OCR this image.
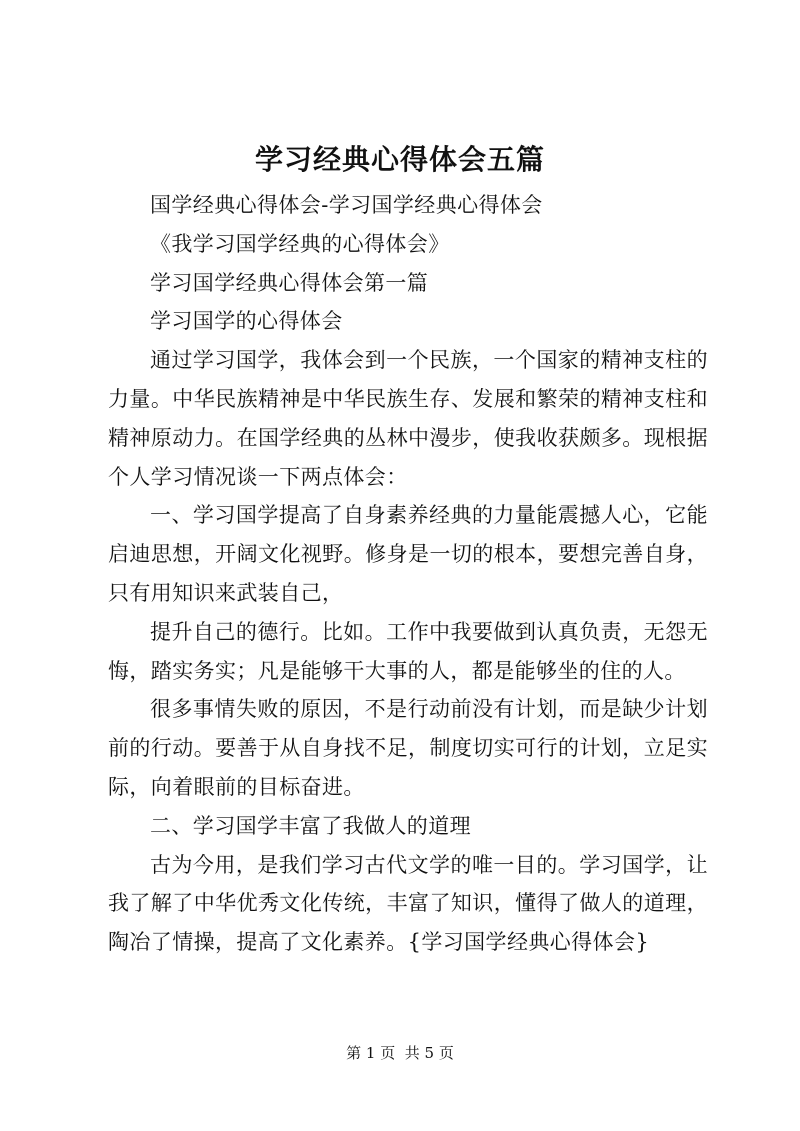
学习经典心得体会五篇

国学经典心得体会-学习国学经典心得体会

《我学习国学经典的心得体会》

学习国学经典心得体会第一篇

学习国学的心得体会

通过学习国学，我体会到一个民族，一个国家的精神支柱的力量。中华民族精神是中华民族生存、发展和繁荣的精神支柱和精神原动力。在国学经典的丛林中漫步，使我收获颇多。现根据个人学习情况谈一下两点体会：

一、学习国学提高了自身素养经典的力量能震撼人心，它能启迪思想，开阔文化视野。修身是一切的根本，要想完善自身，只有用知识来武装自己，

提升自己的德行。比如。工作中我要做到认真负责，无怨无悔，踏实务实；凡是能够干大事的人，都是能够坐的住的人。

很多事情失败的原因，不是行动前没有计划，而是缺少计划前的行动。要善于从自身找不足，制度切实可行的计划，立足实际，向着眼前的目标奋进。

二、学习国学丰富了我做人的道理

古为今用，是我们学习古代文学的唯一目的。学习国学，让我了解了中华优秀文化传统，丰富了知识，懂得了做人的道理，陶冶了情操，提高了文化素养。{学习国学经典心得体会}

第 1 页  共 5 页
